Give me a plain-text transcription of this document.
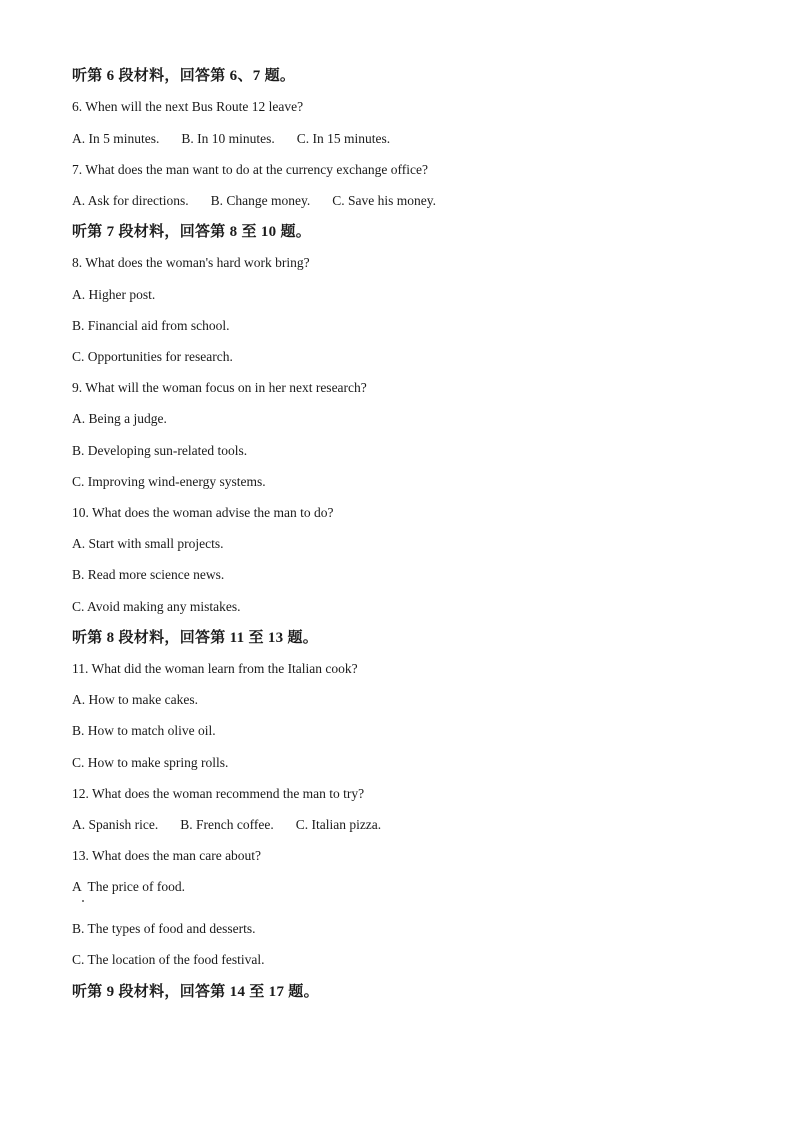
听第 6 段材料，回答第 6、7 题。
6. When will the next Bus Route 12 leave?
A. In 5 minutes. B. In 10 minutes. C. In 15 minutes.
7. What does the man want to do at the currency exchange office?
A. Ask for directions. B. Change money. C. Save his money.
听第 7 段材料，回答第 8 至 10 题。
8. What does the woman's hard work bring?
A. Higher post.
B. Financial aid from school.
C. Opportunities for research.
9. What will the woman focus on in her next research?
A. Being a judge.
B. Developing sun-related tools.
C. Improving wind-energy systems.
10. What does the woman advise the man to do?
A. Start with small projects.
B. Read more science news.
C. Avoid making any mistakes.
听第 8 段材料，回答第 11 至 13 题。
11. What did the woman learn from the Italian cook?
A. How to make cakes.
B. How to match olive oil.
C. How to make spring rolls.
12. What does the woman recommend the man to try?
A. Spanish rice. B. French coffee. C. Italian pizza.
13. What does the man care about?
A  The price of food.
B. The types of food and desserts.
C. The location of the food festival.
听第 9 段材料，回答第 14 至 17 题。
